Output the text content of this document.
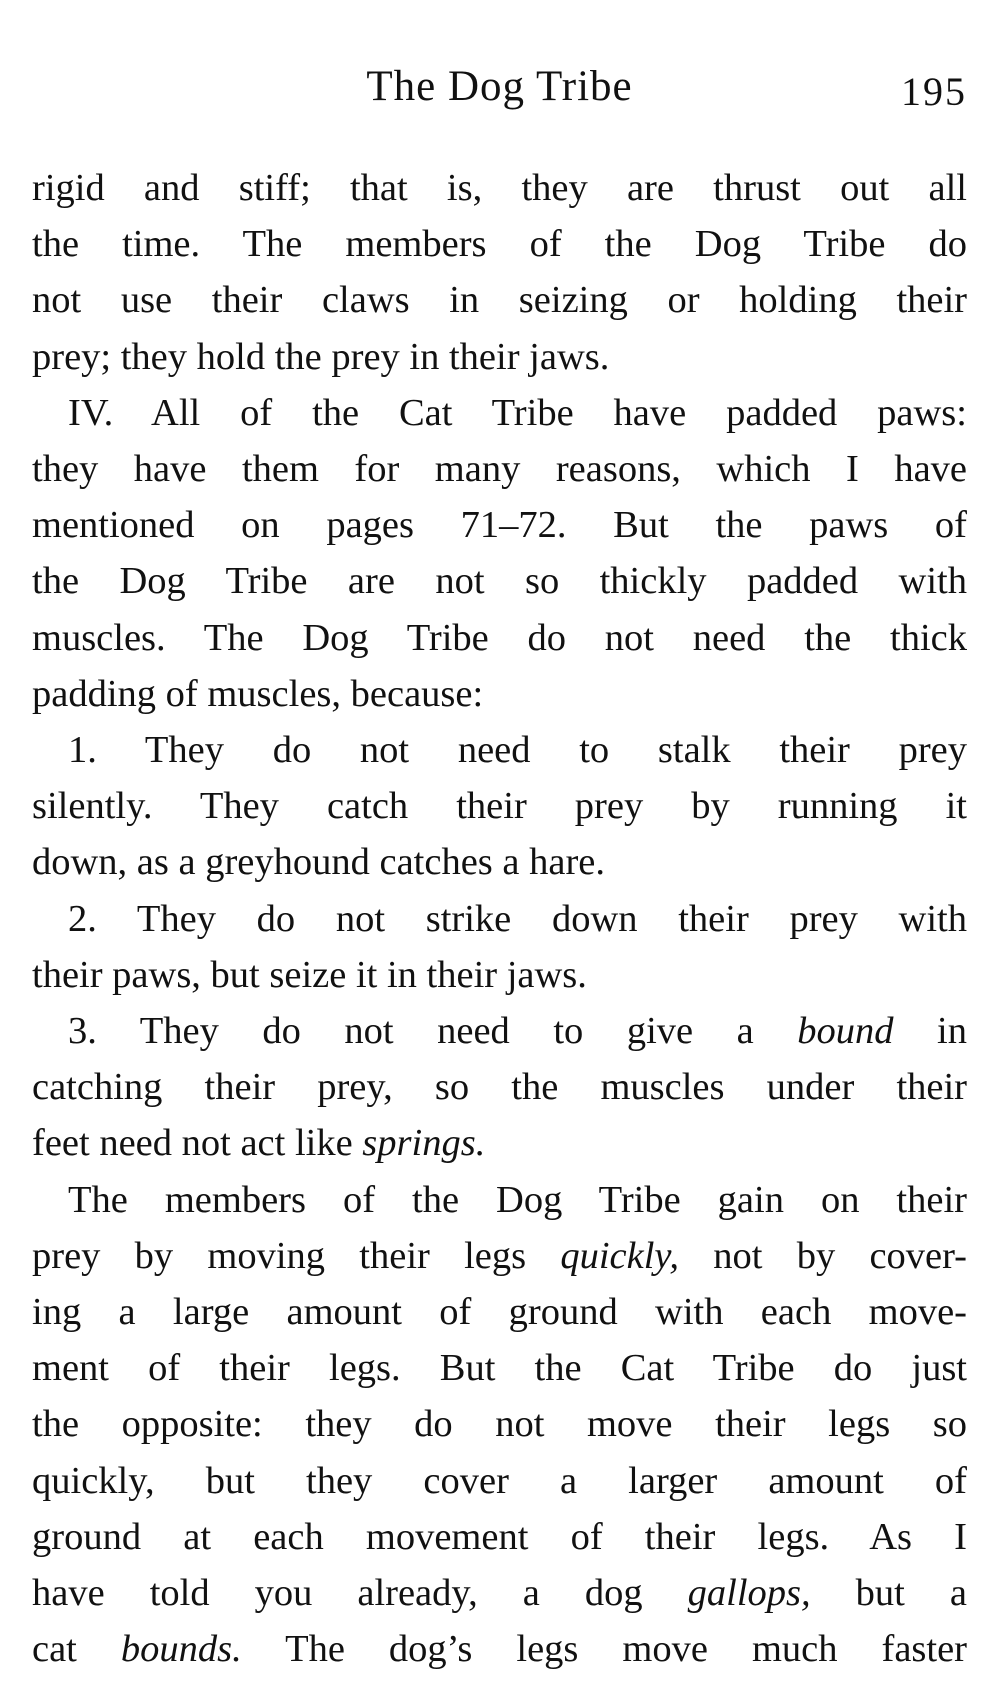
The Dog Tribe	195
rigid and stiff; that is, they are thrust out all
the time. The members of the Dog Tribe do
not use their claws in seizing or holding their
prey; they hold the prey in their jaws.
IV. All of the Cat Tribe have padded paws:
they have them for many reasons, which I have
mentioned on pages 71–72. But the paws of
the Dog Tribe are not so thickly padded with
muscles. The Dog Tribe do not need the thick
padding of muscles, because:
1. They do not need to stalk their prey
silently. They catch their prey by running it
down, as a greyhound catches a hare.
2. They do not strike down their prey with
their paws, but seize it in their jaws.
3. They do not need to give a bound in
catching their prey, so the muscles under their
feet need not act like springs.
The members of the Dog Tribe gain on their
prey by moving their legs quickly, not by cover-
ing a large amount of ground with each move-
ment of their legs. But the Cat Tribe do just
the opposite: they do not move their legs so
quickly, but they cover a larger amount of
ground at each movement of their legs. As I
have told you already, a dog gallops, but a
cat bounds. The dog’s legs move much faster
